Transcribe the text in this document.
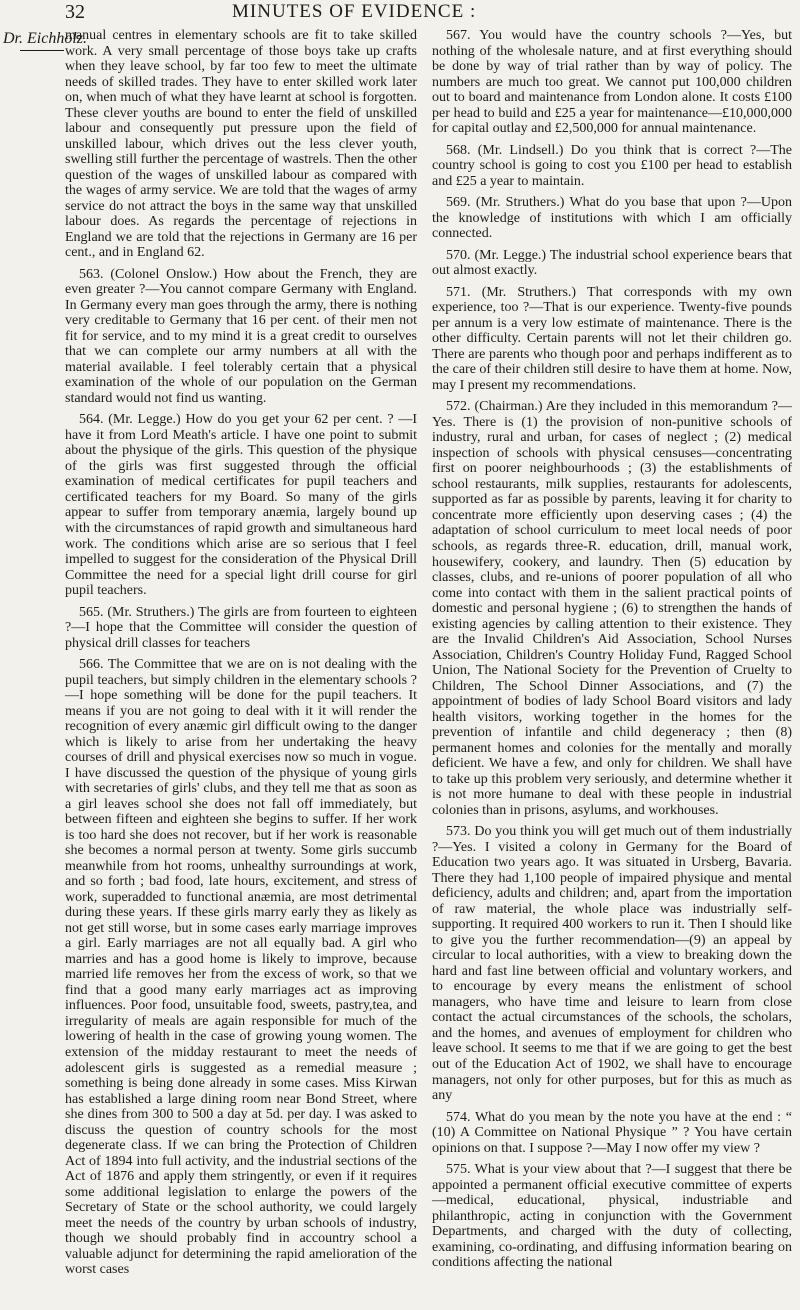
32	MINUTES OF EVIDENCE :
Dr. Eichholz.

manual centres in elementary schools are fit to take skilled work. A very small percentage of those boys take up crafts when they leave school, by far too few to meet the ultimate needs of skilled trades. They have to enter skilled work later on, when much of what they have learnt at school is forgotten. These clever youths are bound to enter the field of unskilled labour and consequently put pressure upon the field of unskilled labour, which drives out the less clever youth, swelling still further the percentage of wastrels. Then the other question of the wages of unskilled labour as compared with the wages of army service. We are told that the wages of army service do not attract the boys in the same way that unskilled labour does. As regards the percentage of rejections in England we are told that the rejections in Germany are 16 per cent., and in England 62.

563. (Colonel Onslow.) How about the French, they are even greater ?—You cannot compare Germany with England. In Germany every man goes through the army, there is nothing very creditable to Germany that 16 per cent. of their men not fit for service, and to my mind it is a great credit to ourselves that we can complete our army numbers at all with the material available. I feel tolerably certain that a physical examination of the whole of our population on the German standard would not find us wanting.

564. (Mr. Legge.) How do you get your 62 per cent. ? —I have it from Lord Meath's article. I have one point to submit about the physique of the girls. This question of the physique of the girls was first suggested through the official examination of medical certificates for pupil teachers and certificated teachers for my Board. So many of the girls appear to suffer from temporary anæmia, largely bound up with the circumstances of rapid growth and simultaneous hard work. The conditions which arise are so serious that I feel impelled to suggest for the consideration of the Physical Drill Committee the need for a special light drill course for girl pupil teachers.

565. (Mr. Struthers.) The girls are from fourteen to eighteen ?—I hope that the Committee will consider the question of physical drill classes for teachers

566. The Committee that we are on is not dealing with the pupil teachers, but simply children in the elementary schools ?—I hope something will be done for the pupil teachers. It means if you are not going to deal with it it will render the recognition of every anæmic girl difficult owing to the danger which is likely to arise from her undertaking the heavy courses of drill and physical exercises now so much in vogue. I have discussed the question of the physique of young girls with secretaries of girls' clubs, and they tell me that as soon as a girl leaves school she does not fall off immediately, but between fifteen and eighteen she begins to suffer. If her work is too hard she does not recover, but if her work is reasonable she becomes a normal person at twenty. Some girls succumb meanwhile from hot rooms, unhealthy surroundings at work, and so forth ; bad food, late hours, excitement, and stress of work, superadded to functional anæmia, are most detrimental during these years. If these girls marry early they as likely as not get still worse, but in some cases early marriage improves a girl. Early marriages are not all equally bad. A girl who marries and has a good home is likely to improve, because married life removes her from the excess of work, so that we find that a good many early marriages act as improving influences. Poor food, unsuitable food, sweets, pastry,tea, and irregularity of meals are again responsible for much of the lowering of health in the case of growing young women. The extension of the midday restaurant to meet the needs of adolescent girls is suggested as a remedial measure ; something is being done already in some cases. Miss Kirwan has established a large dining room near Bond Street, where she dines from 300 to 500 a day at 5d. per day. I was asked to discuss the question of country schools for the most degenerate class. If we can bring the Protection of Children Act of 1894 into full activity, and the industrial sections of the Act of 1876 and apply them stringently, or even if it requires some additional legislation to enlarge the powers of the Secretary of State or the school authority, we could largely meet the needs of the country by urban schools of industry, though we should probably find in accountry school a valuable adjunct for determining the rapid amelioration of the worst cases

567. You would have the country schools ?—Yes, but nothing of the wholesale nature, and at first everything should be done by way of trial rather than by way of policy. The numbers are much too great. We cannot put 100,000 children out to board and maintenance from London alone. It costs £100 per head to build and £25 a year for maintenance—£10,000,000 for capital outlay and £2,500,000 for annual maintenance.

568. (Mr. Lindsell.) Do you think that is correct ?—The country school is going to cost you £100 per head to establish and £25 a year to maintain.

569. (Mr. Struthers.) What do you base that upon ?—Upon the knowledge of institutions with which I am officially connected.

570. (Mr. Legge.) The industrial school experience bears that out almost exactly.

571. (Mr. Struthers.) That corresponds with my own experience, too ?—That is our experience. Twenty-five pounds per annum is a very low estimate of maintenance. There is the other difficulty. Certain parents will not let their children go. There are parents who though poor and perhaps indifferent as to the care of their children still desire to have them at home. Now, may I present my recommendations.

572. (Chairman.) Are they included in this memorandum ?—Yes. There is (1) the provision of non-punitive schools of industry, rural and urban, for cases of neglect ; (2) medical inspection of schools with physical censuses—concentrating first on poorer neighbourhoods ; (3) the establishments of school restaurants, milk supplies, restaurants for adolescents, supported as far as possible by parents, leaving it for charity to concentrate more efficiently upon deserving cases ; (4) the adaptation of school curriculum to meet local needs of poor schools, as regards three-R. education, drill, manual work, housewifery, cookery, and laundry. Then (5) education by classes, clubs, and re-unions of poorer population of all who come into contact with them in the salient practical points of domestic and personal hygiene ; (6) to strengthen the hands of existing agencies by calling attention to their existence. They are the Invalid Children's Aid Association, School Nurses Association, Children's Country Holiday Fund, Ragged School Union, The National Society for the Prevention of Cruelty to Children, The School Dinner Associations, and (7) the appointment of bodies of lady School Board visitors and lady health visitors, working together in the homes for the prevention of infantile and child degeneracy ; then (8) permanent homes and colonies for the mentally and morally deficient. We have a few, and only for children. We shall have to take up this problem very seriously, and determine whether it is not more humane to deal with these people in industrial colonies than in prisons, asylums, and workhouses.

573. Do you think you will get much out of them industrially ?—Yes. I visited a colony in Germany for the Board of Education two years ago. It was situated in Ursberg, Bavaria. There they had 1,100 people of impaired physique and mental deficiency, adults and children; and, apart from the importation of raw material, the whole place was industrially self-supporting. It required 400 workers to run it. Then I should like to give you the further recommendation—(9) an appeal by circular to local authorities, with a view to breaking down the hard and fast line between official and voluntary workers, and to encourage by every means the enlistment of school managers, who have time and leisure to learn from close contact the actual circumstances of the schools, the scholars, and the homes, and avenues of employment for children who leave school. It seems to me that if we are going to get the best out of the Education Act of 1902, we shall have to encourage managers, not only for other purposes, but for this as much as any

574. What do you mean by the note you have at the end : “ (10) A Committee on National Physique ” ? You have certain opinions on that. I suppose ?—May I now offer my view ?

575. What is your view about that ?—I suggest that there be appointed a permanent official executive committee of experts—medical, educational, physical, industriable and philanthropic, acting in conjunction with the Government Departments, and charged with the duty of collecting, examining, co-ordinating, and diffusing information bearing on conditions affecting the national
